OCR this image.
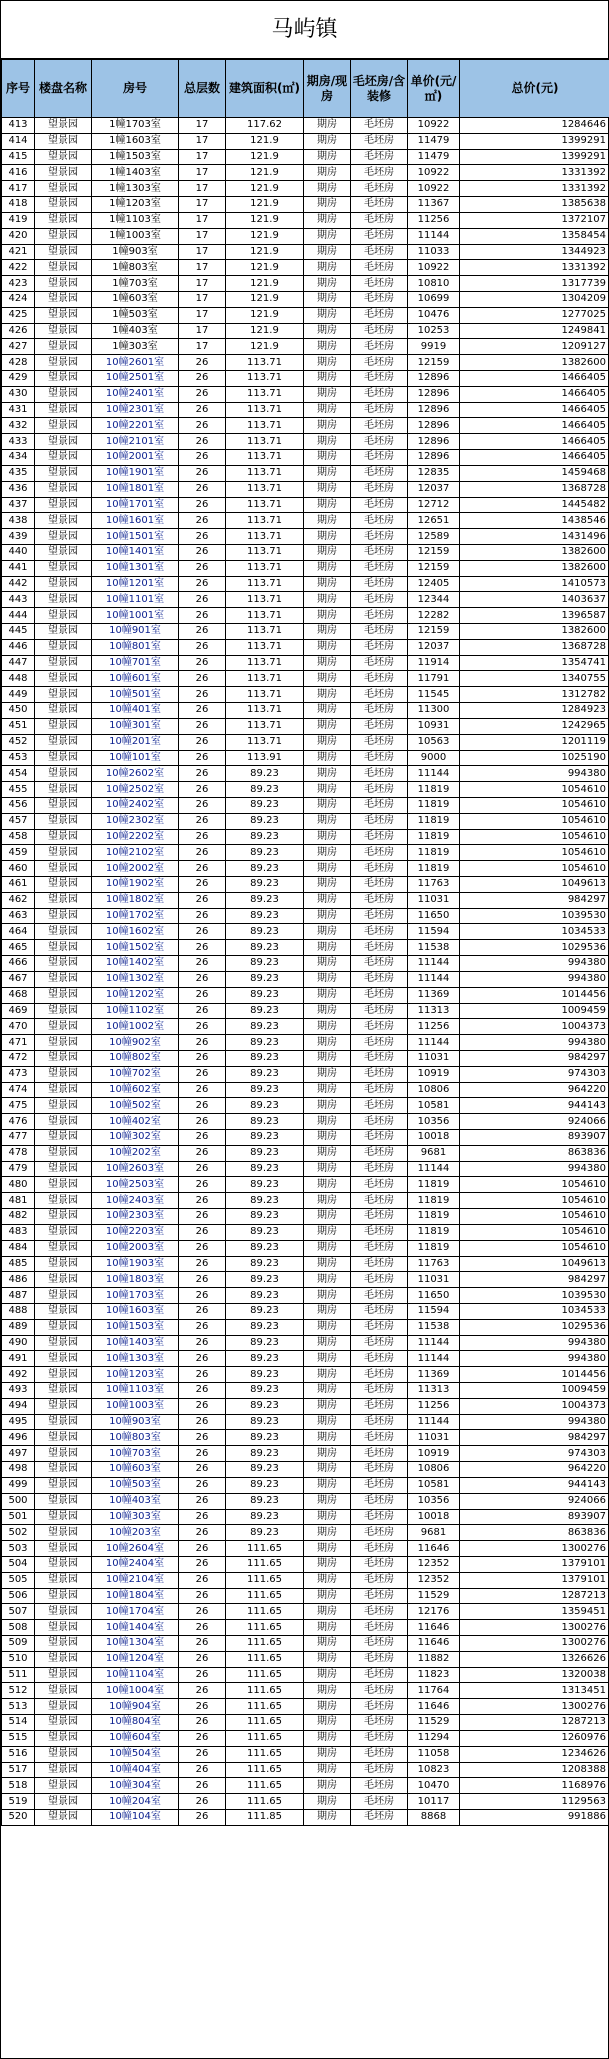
马屿镇
序号	楼盘名称	房号	总层数	建筑面积(㎡)	期房/现房	毛坯房/含装修	单价(元/㎡)	总价(元)
413	望景园	1幢1703室	17	117.62	期房	毛坯房	10922	1284646
414	望景园	1幢1603室	17	121.9	期房	毛坯房	11479	1399291
415	望景园	1幢1503室	17	121.9	期房	毛坯房	11479	1399291
416	望景园	1幢1403室	17	121.9	期房	毛坯房	10922	1331392
417	望景园	1幢1303室	17	121.9	期房	毛坯房	10922	1331392
418	望景园	1幢1203室	17	121.9	期房	毛坯房	11367	1385638
419	望景园	1幢1103室	17	121.9	期房	毛坯房	11256	1372107
420	望景园	1幢1003室	17	121.9	期房	毛坯房	11144	1358454
421	望景园	1幢903室	17	121.9	期房	毛坯房	11033	1344923
422	望景园	1幢803室	17	121.9	期房	毛坯房	10922	1331392
423	望景园	1幢703室	17	121.9	期房	毛坯房	10810	1317739
424	望景园	1幢603室	17	121.9	期房	毛坯房	10699	1304209
425	望景园	1幢503室	17	121.9	期房	毛坯房	10476	1277025
426	望景园	1幢403室	17	121.9	期房	毛坯房	10253	1249841
427	望景园	1幢303室	17	121.9	期房	毛坯房	9919	1209127
428	望景园	10幢2601室	26	113.71	期房	毛坯房	12159	1382600
429	望景园	10幢2501室	26	113.71	期房	毛坯房	12896	1466405
430	望景园	10幢2401室	26	113.71	期房	毛坯房	12896	1466405
431	望景园	10幢2301室	26	113.71	期房	毛坯房	12896	1466405
432	望景园	10幢2201室	26	113.71	期房	毛坯房	12896	1466405
433	望景园	10幢2101室	26	113.71	期房	毛坯房	12896	1466405
434	望景园	10幢2001室	26	113.71	期房	毛坯房	12896	1466405
435	望景园	10幢1901室	26	113.71	期房	毛坯房	12835	1459468
436	望景园	10幢1801室	26	113.71	期房	毛坯房	12037	1368728
437	望景园	10幢1701室	26	113.71	期房	毛坯房	12712	1445482
438	望景园	10幢1601室	26	113.71	期房	毛坯房	12651	1438546
439	望景园	10幢1501室	26	113.71	期房	毛坯房	12589	1431496
440	望景园	10幢1401室	26	113.71	期房	毛坯房	12159	1382600
441	望景园	10幢1301室	26	113.71	期房	毛坯房	12159	1382600
442	望景园	10幢1201室	26	113.71	期房	毛坯房	12405	1410573
443	望景园	10幢1101室	26	113.71	期房	毛坯房	12344	1403637
444	望景园	10幢1001室	26	113.71	期房	毛坯房	12282	1396587
445	望景园	10幢901室	26	113.71	期房	毛坯房	12159	1382600
446	望景园	10幢801室	26	113.71	期房	毛坯房	12037	1368728
447	望景园	10幢701室	26	113.71	期房	毛坯房	11914	1354741
448	望景园	10幢601室	26	113.71	期房	毛坯房	11791	1340755
449	望景园	10幢501室	26	113.71	期房	毛坯房	11545	1312782
450	望景园	10幢401室	26	113.71	期房	毛坯房	11300	1284923
451	望景园	10幢301室	26	113.71	期房	毛坯房	10931	1242965
452	望景园	10幢201室	26	113.71	期房	毛坯房	10563	1201119
453	望景园	10幢101室	26	113.91	期房	毛坯房	9000	1025190
454	望景园	10幢2602室	26	89.23	期房	毛坯房	11144	994380
455	望景园	10幢2502室	26	89.23	期房	毛坯房	11819	1054610
456	望景园	10幢2402室	26	89.23	期房	毛坯房	11819	1054610
457	望景园	10幢2302室	26	89.23	期房	毛坯房	11819	1054610
458	望景园	10幢2202室	26	89.23	期房	毛坯房	11819	1054610
459	望景园	10幢2102室	26	89.23	期房	毛坯房	11819	1054610
460	望景园	10幢2002室	26	89.23	期房	毛坯房	11819	1054610
461	望景园	10幢1902室	26	89.23	期房	毛坯房	11763	1049613
462	望景园	10幢1802室	26	89.23	期房	毛坯房	11031	984297
463	望景园	10幢1702室	26	89.23	期房	毛坯房	11650	1039530
464	望景园	10幢1602室	26	89.23	期房	毛坯房	11594	1034533
465	望景园	10幢1502室	26	89.23	期房	毛坯房	11538	1029536
466	望景园	10幢1402室	26	89.23	期房	毛坯房	11144	994380
467	望景园	10幢1302室	26	89.23	期房	毛坯房	11144	994380
468	望景园	10幢1202室	26	89.23	期房	毛坯房	11369	1014456
469	望景园	10幢1102室	26	89.23	期房	毛坯房	11313	1009459
470	望景园	10幢1002室	26	89.23	期房	毛坯房	11256	1004373
471	望景园	10幢902室	26	89.23	期房	毛坯房	11144	994380
472	望景园	10幢802室	26	89.23	期房	毛坯房	11031	984297
473	望景园	10幢702室	26	89.23	期房	毛坯房	10919	974303
474	望景园	10幢602室	26	89.23	期房	毛坯房	10806	964220
475	望景园	10幢502室	26	89.23	期房	毛坯房	10581	944143
476	望景园	10幢402室	26	89.23	期房	毛坯房	10356	924066
477	望景园	10幢302室	26	89.23	期房	毛坯房	10018	893907
478	望景园	10幢202室	26	89.23	期房	毛坯房	9681	863836
479	望景园	10幢2603室	26	89.23	期房	毛坯房	11144	994380
480	望景园	10幢2503室	26	89.23	期房	毛坯房	11819	1054610
481	望景园	10幢2403室	26	89.23	期房	毛坯房	11819	1054610
482	望景园	10幢2303室	26	89.23	期房	毛坯房	11819	1054610
483	望景园	10幢2203室	26	89.23	期房	毛坯房	11819	1054610
484	望景园	10幢2003室	26	89.23	期房	毛坯房	11819	1054610
485	望景园	10幢1903室	26	89.23	期房	毛坯房	11763	1049613
486	望景园	10幢1803室	26	89.23	期房	毛坯房	11031	984297
487	望景园	10幢1703室	26	89.23	期房	毛坯房	11650	1039530
488	望景园	10幢1603室	26	89.23	期房	毛坯房	11594	1034533
489	望景园	10幢1503室	26	89.23	期房	毛坯房	11538	1029536
490	望景园	10幢1403室	26	89.23	期房	毛坯房	11144	994380
491	望景园	10幢1303室	26	89.23	期房	毛坯房	11144	994380
492	望景园	10幢1203室	26	89.23	期房	毛坯房	11369	1014456
493	望景园	10幢1103室	26	89.23	期房	毛坯房	11313	1009459
494	望景园	10幢1003室	26	89.23	期房	毛坯房	11256	1004373
495	望景园	10幢903室	26	89.23	期房	毛坯房	11144	994380
496	望景园	10幢803室	26	89.23	期房	毛坯房	11031	984297
497	望景园	10幢703室	26	89.23	期房	毛坯房	10919	974303
498	望景园	10幢603室	26	89.23	期房	毛坯房	10806	964220
499	望景园	10幢503室	26	89.23	期房	毛坯房	10581	944143
500	望景园	10幢403室	26	89.23	期房	毛坯房	10356	924066
501	望景园	10幢303室	26	89.23	期房	毛坯房	10018	893907
502	望景园	10幢203室	26	89.23	期房	毛坯房	9681	863836
503	望景园	10幢2604室	26	111.65	期房	毛坯房	11646	1300276
504	望景园	10幢2404室	26	111.65	期房	毛坯房	12352	1379101
505	望景园	10幢2104室	26	111.65	期房	毛坯房	12352	1379101
506	望景园	10幢1804室	26	111.65	期房	毛坯房	11529	1287213
507	望景园	10幢1704室	26	111.65	期房	毛坯房	12176	1359451
508	望景园	10幢1404室	26	111.65	期房	毛坯房	11646	1300276
509	望景园	10幢1304室	26	111.65	期房	毛坯房	11646	1300276
510	望景园	10幢1204室	26	111.65	期房	毛坯房	11882	1326626
511	望景园	10幢1104室	26	111.65	期房	毛坯房	11823	1320038
512	望景园	10幢1004室	26	111.65	期房	毛坯房	11764	1313451
513	望景园	10幢904室	26	111.65	期房	毛坯房	11646	1300276
514	望景园	10幢804室	26	111.65	期房	毛坯房	11529	1287213
515	望景园	10幢604室	26	111.65	期房	毛坯房	11294	1260976
516	望景园	10幢504室	26	111.65	期房	毛坯房	11058	1234626
517	望景园	10幢404室	26	111.65	期房	毛坯房	10823	1208388
518	望景园	10幢304室	26	111.65	期房	毛坯房	10470	1168976
519	望景园	10幢204室	26	111.65	期房	毛坯房	10117	1129563
520	望景园	10幢104室	26	111.85	期房	毛坯房	8868	991886
